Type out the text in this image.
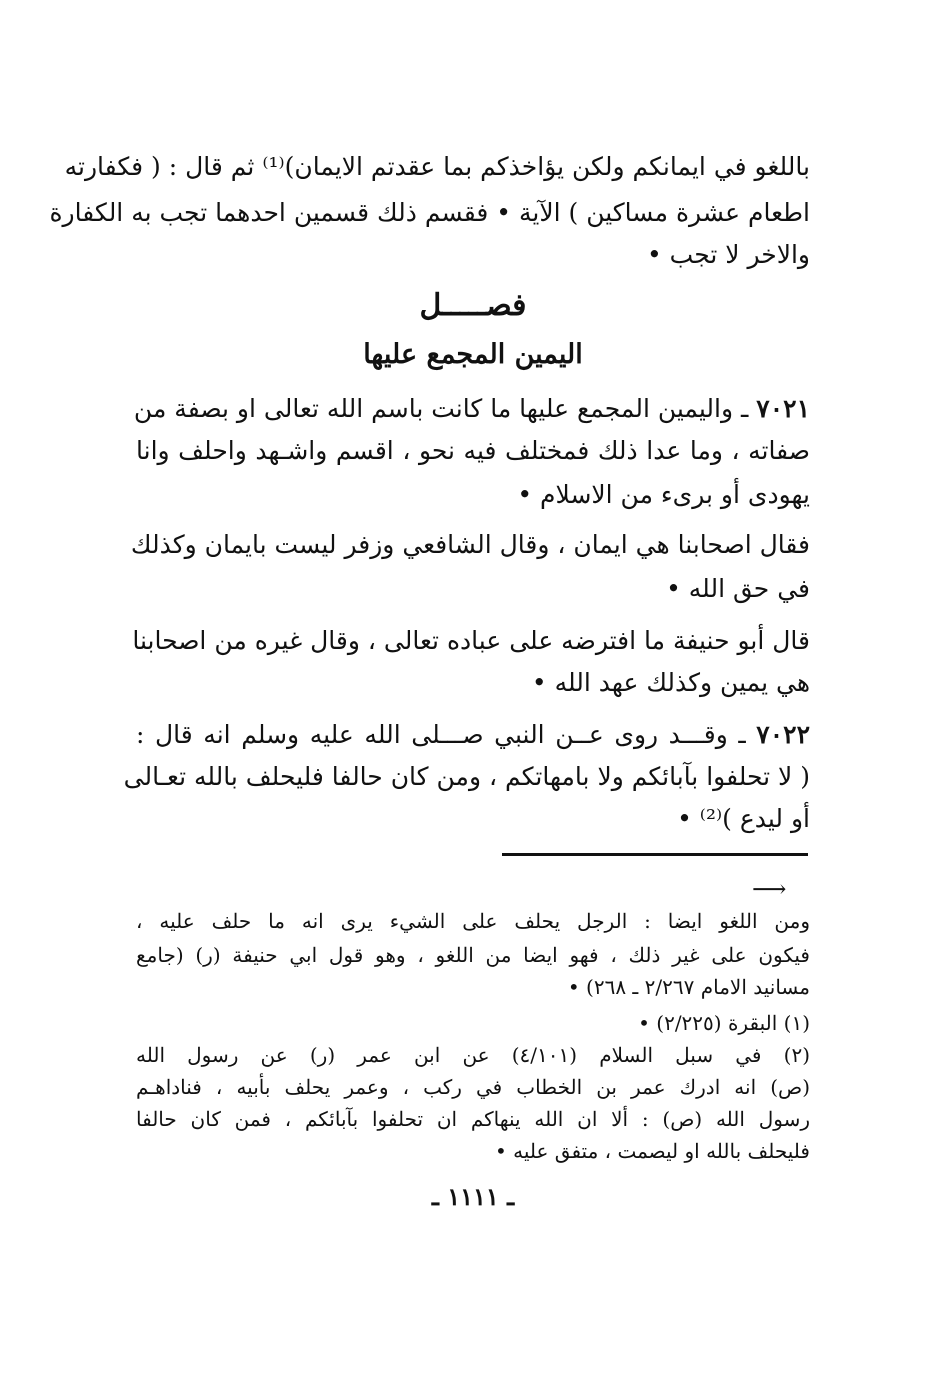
باللغو في ايمانكم ولكن يؤاخذكم بما عقدتم الايمان)⁽¹⁾ ثم قال : ( فكفارته
اطعام عشرة مساكين ) الآية • فقسم ذلك قسمين احدهما تجب به الكفارة
والاخر لا تجب •
فصـــــل
اليمين المجمع عليها
٧٠٢١ ـ واليمين المجمع عليها ما كانت باسم الله تعالى او بصفة من
صفاته ، وما عدا ذلك فمختلف فيه نحو ، اقسم واشـهد واحلف وانا
يهودى أو برىء من الاسلام •
فقال اصحابنا هي ايمان ، وقال الشافعي وزفر ليست بايمان وكذلك
في حق الله •
قال أبو حنيفة ما افترضه على عباده تعالى ، وقال غيره من اصحابنا
هي يمين وكذلك عهد الله •
٧٠٢٢ ـ وقـــد روى عــن النبي صـــلى الله عليه وسلم انه قال :
( لا تحلفوا بآبائكم ولا بامهاتكم ، ومن كان حالفا فليحلف بالله تعـالى
أو ليدع )⁽²⁾ •
⟶
ومن اللغو ايضا : الرجل يحلف على الشيء يرى انه ما حلف عليه ،
فيكون على غير ذلك ، فهو ايضا من اللغو ، وهو قول ابي حنيفة (ر) (جامع
مسانيد الامام ٢/٢٦٧ ـ ٢٦٨) •
(١) البقرة (٢/٢٢٥) •
(٢) في سبل السلام (٤/١٠١) عن ابن عمر (ر) عن رسول الله
(ص) انه ادرك عمر بن الخطاب في ركب ، وعمر يحلف بأبيه ، فناداهـم
رسول الله (ص) : ألا ان الله ينهاكم ان تحلفوا بآبائكم ، فمن كان حالفا
فليحلف بالله او ليصمت ، متفق عليه •
ـ ١١١١ ـ
